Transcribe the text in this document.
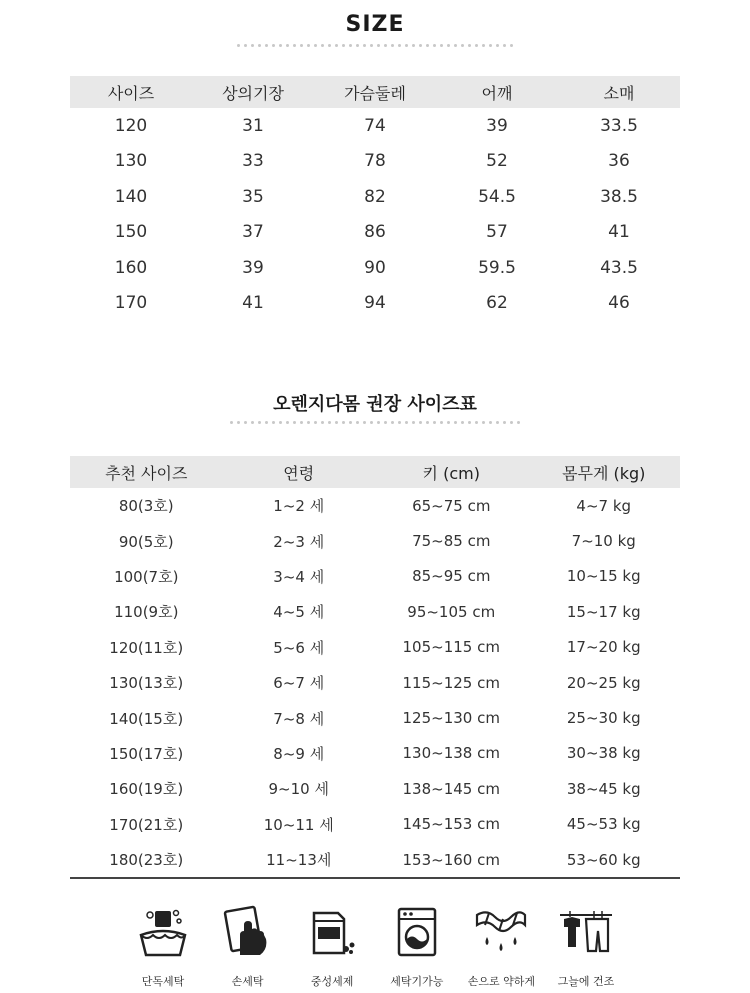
SIZE
사이즈	상의기장	가슴둘레	어깨	소매
120	31	74	39	33.5
130	33	78	52	36
140	35	82	54.5	38.5
150	37	86	57	41
160	39	90	59.5	43.5
170	41	94	62	46
오렌지다몸 권장 사이즈표
추천 사이즈	연령	키 (cm)	몸무게 (kg)
80(3호)	1~2 세	65~75 cm	4~7 kg
90(5호)	2~3 세	75~85 cm	7~10 kg
100(7호)	3~4 세	85~95 cm	10~15 kg
110(9호)	4~5 세	95~105 cm	15~17 kg
120(11호)	5~6 세	105~115 cm	17~20 kg
130(13호)	6~7 세	115~125 cm	20~25 kg
140(15호)	7~8 세	125~130 cm	25~30 kg
150(17호)	8~9 세	130~138 cm	30~38 kg
160(19호)	9~10 세	138~145 cm	38~45 kg
170(21호)	10~11 세	145~153 cm	45~53 kg
180(23호)	11~13세	153~160 cm	53~60 kg
단독세탁	손세탁	중성세제	세탁기가능 손으로 약하게 그늘에 건조
